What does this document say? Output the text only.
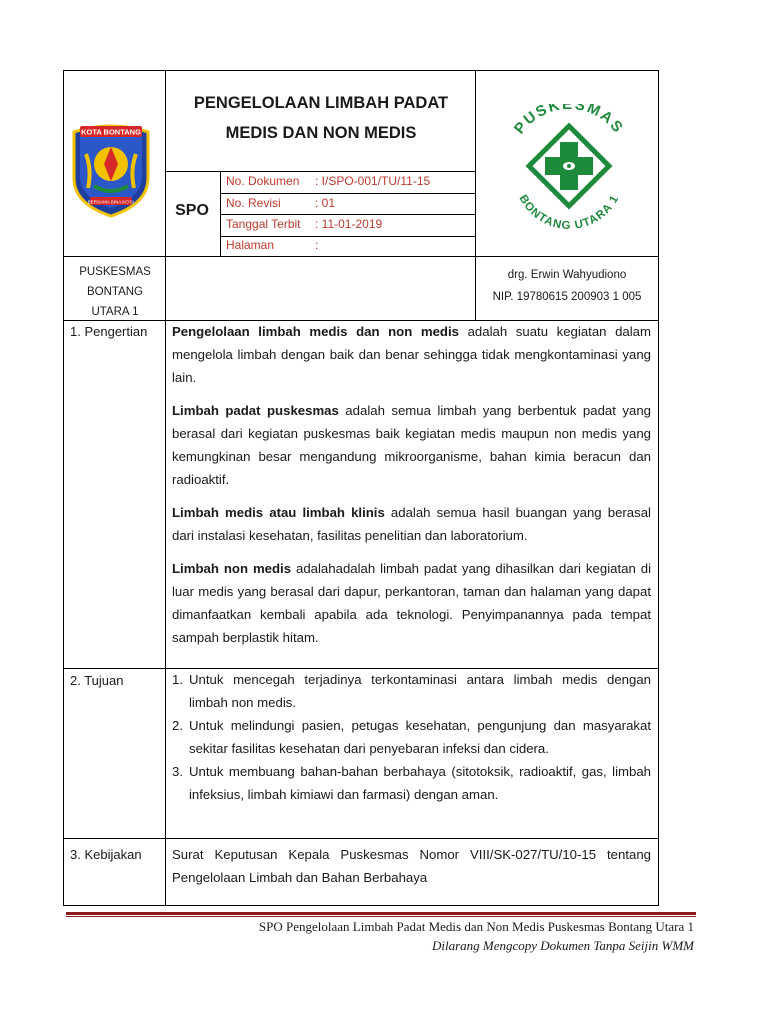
KOTA BONTANG
BERSAMA BINA KOTA
PENGELOLAAN LIMBAH PADAT MEDIS DAN NON MEDIS
SPO
No. Dokumen : I/SPO-001/TU/11-15
No. Revisi	: 01
Tanggal Terbit : 11-01-2019
Halaman	:
PUSKESMAS
BONTANG UTARA 1
PUSKESMAS
BONTANG
UTARA 1
drg. Erwin Wahyudiono
NIP. 19780615 200903 1 005
1. Pengertian
2. Tujuan
3. Kebijakan

Pengelolaan limbah medis dan non medis adalah suatu kegiatan dalam mengelola limbah dengan baik dan benar sehingga tidak mengkontaminasi yang lain.

Limbah padat puskesmas adalah semua limbah yang berbentuk padat yang berasal dari kegiatan puskesmas baik kegiatan medis maupun non medis yang kemungkinan besar mengandung mikroorganisme, bahan kimia beracun dan radioaktif.

Limbah medis atau limbah klinis adalah semua hasil buangan yang berasal dari instalasi kesehatan, fasilitas penelitian dan laboratorium.

Limbah non medis adalahadalah limbah padat yang dihasilkan dari kegiatan di luar medis yang berasal dari dapur, perkantoran, taman dan halaman yang dapat dimanfaatkan kembali apabila ada teknologi. Penyimpanannya pada tempat sampah berplastik hitam.

1. Untuk mencegah terjadinya terkontaminasi antara limbah medis dengan limbah non medis.
2. Untuk melindungi pasien, petugas kesehatan, pengunjung dan masyarakat sekitar fasilitas kesehatan dari penyebaran infeksi dan cidera.
3. Untuk membuang bahan-bahan berbahaya (sitotoksik, radioaktif, gas, limbah infeksius, limbah kimiawi dan farmasi) dengan aman.
Surat Keputusan Kepala Puskesmas Nomor VIII/SK-027/TU/10-15 tentang Pengelolaan Limbah dan Bahan Berbahaya
SPO Pengelolaan Limbah Padat Medis dan Non Medis Puskesmas Bontang Utara 1
Dilarang Mengcopy Dokumen Tanpa Seijin WMM
